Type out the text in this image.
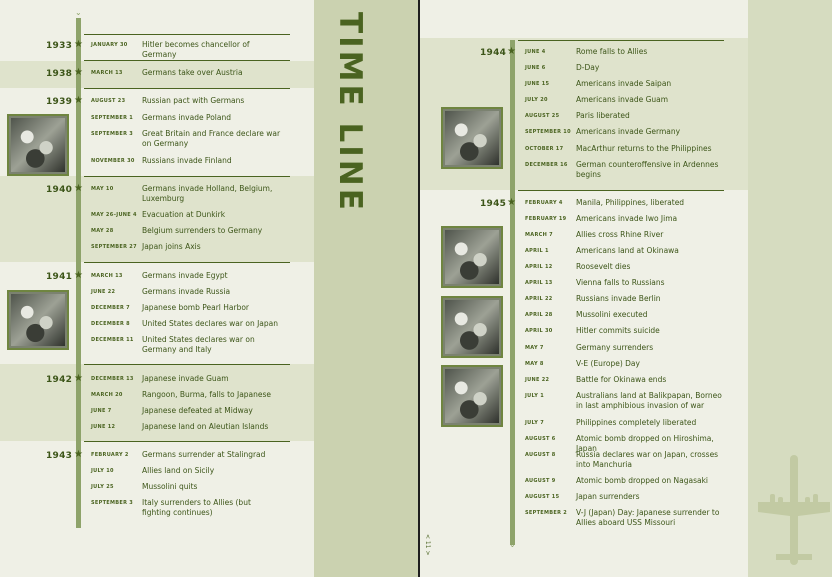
TIME LINE
⌄
⌄
< 11 >
1933 ★ JANUARY 30 Hitler becomes chancellor of Germany
1938 ★ MARCH 13	Germans take over Austria
1939 ★ AUGUST 23 Russian pact with Germans
SEPTEMBER 1 Germans invade Poland
SEPTEMBER 3 Great Britain and France declare war on Germany
NOVEMBER 30 Russians invade Finland
1940 ★ MAY 10	Germans invade Holland, Belgium, Luxemburg
MAY 26–JUNE 4 Evacuation at Dunkirk
MAY 28	Belgium surrenders to Germany
SEPTEMBER 27 Japan joins Axis
1941 ★ MARCH 13	Germans invade Egypt
JUNE 22	Germans invade Russia
DECEMBER 7 Japanese bomb Pearl Harbor
DECEMBER 8 United States declares war on Japan
DECEMBER 11 United States declares war on Germany and Italy
1942 ★ DECEMBER 13 Japanese invade Guam
MARCH 20	Rangoon, Burma, falls to Japanese
JUNE 7	Japanese defeated at Midway
JUNE 12	Japanese land on Aleutian Islands
1943 ★ FEBRUARY 2 Germans surrender at Stalingrad
JULY 10	Allies land on Sicily
JULY 25	Mussolini quits
SEPTEMBER 3 Italy surrenders to Allies (but fighting continues)
1944 ★ JUNE 4	Rome falls to Allies
JUNE 6	D-Day
JUNE 15	Americans invade Saipan
JULY 20	Americans invade Guam
AUGUST 25 Paris liberated
SEPTEMBER 10 Americans invade Germany
OCTOBER 17 MacArthur returns to the Philippines
DECEMBER 16 German counteroffensive in Ardennes begins
1945 ★ FEBRUARY 4 Manila, Philippines, liberated
FEBRUARY 19 Americans invade Iwo Jima
MARCH 7	Allies cross Rhine River
APRIL 1	Americans land at Okinawa
APRIL 12	Roosevelt dies
APRIL 13	Vienna falls to Russians
APRIL 22	Russians invade Berlin
APRIL 28	Mussolini executed
APRIL 30	Hitler commits suicide
MAY 7	Germany surrenders
MAY 8	V-E (Europe) Day
JUNE 22	Battle for Okinawa ends
JULY 1	Australians land at Balikpapan, Borneo in last amphibious invasion of war
JULY 7	Philippines completely liberated
AUGUST 6	Atomic bomb dropped on Hiroshima, Japan
AUGUST 8	Russia declares war on Japan, crosses into Manchuria
AUGUST 9	Atomic bomb dropped on Nagasaki
AUGUST 15 Japan surrenders
SEPTEMBER 2 V-J (Japan) Day: Japanese surrender to Allies aboard USS Missouri
